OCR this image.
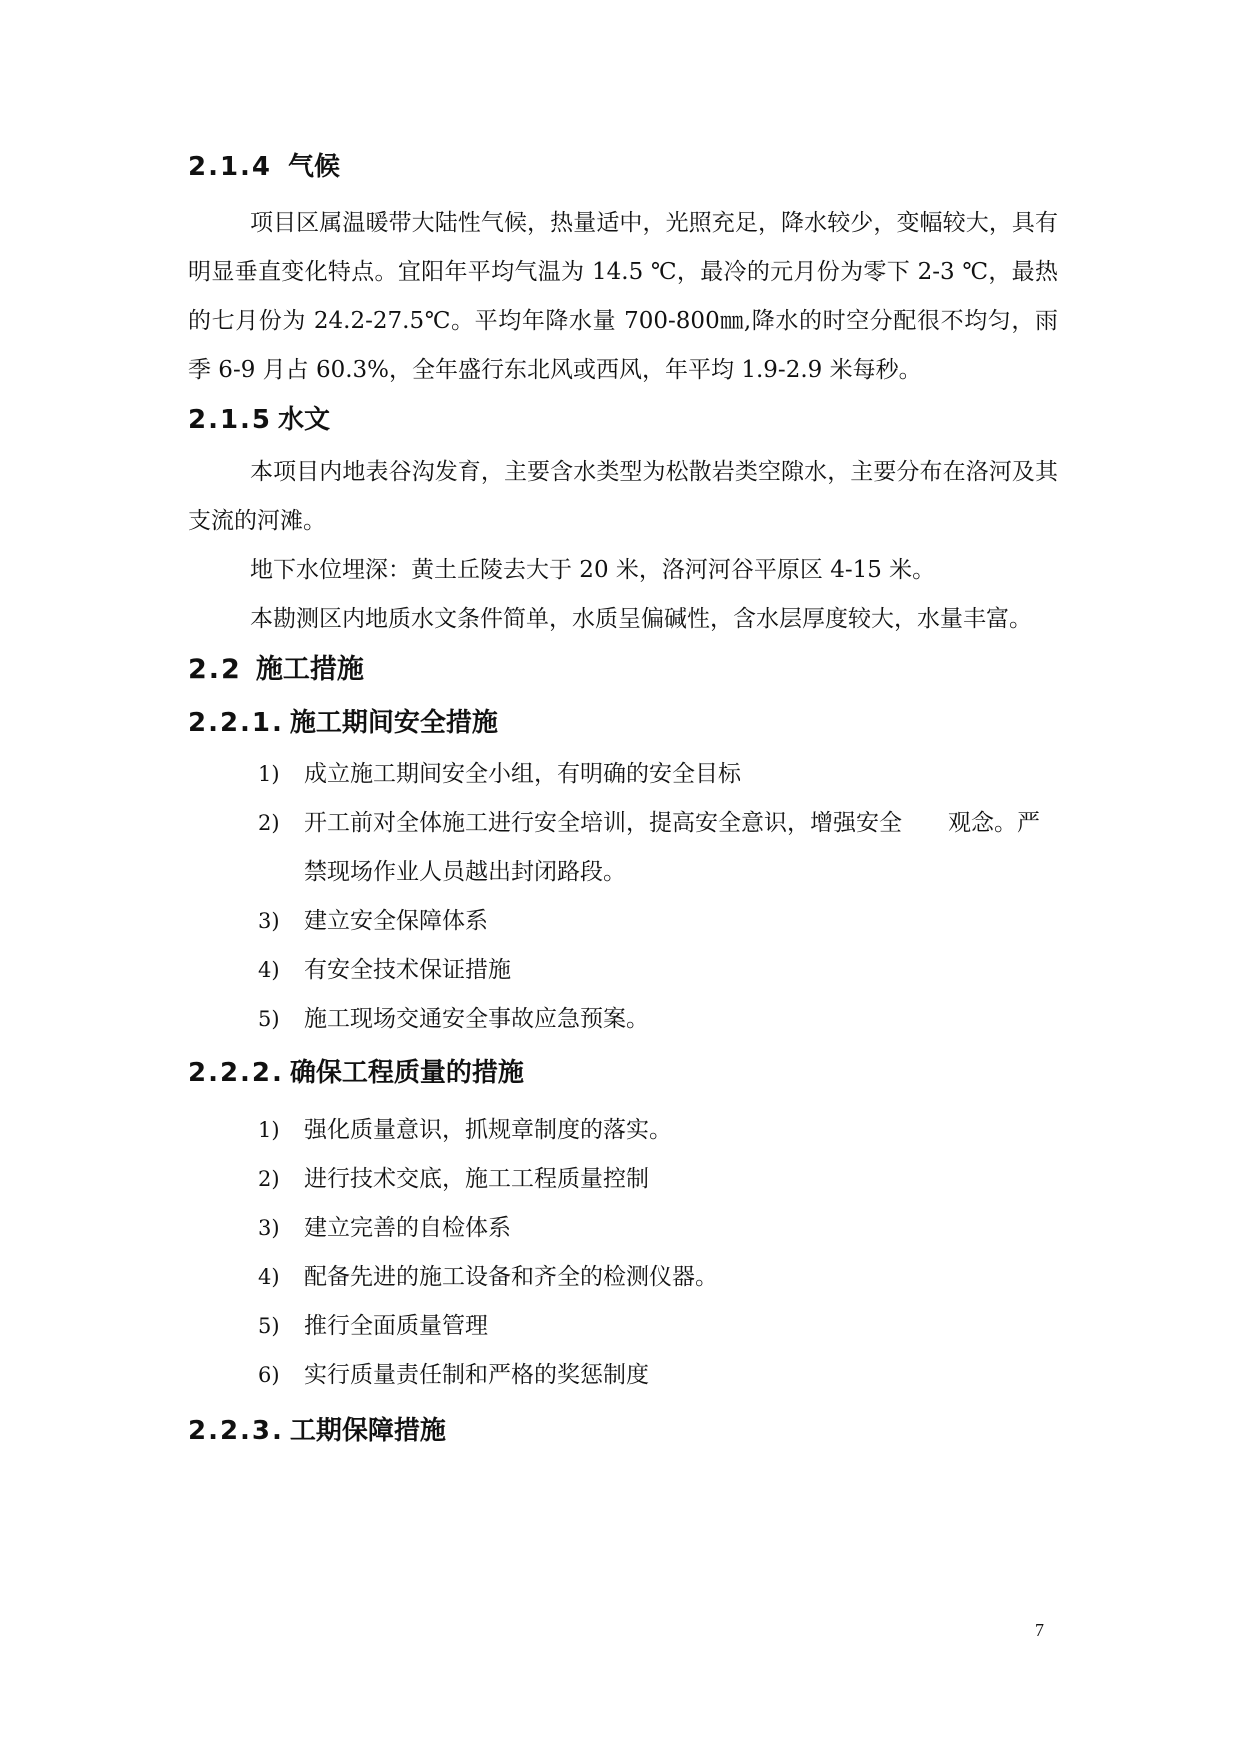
2.1.4 气候

项目区属温暖带大陆性气候，热量适中，光照充足，降水较少，变幅较大，具有明显垂直变化特点。宜阳年平均气温为 14.5 ℃，最冷的元月份为零下 2-3 ℃，最热的七月份为 24.2-27.5℃。平均年降水量 700-800㎜,降水的时空分配很不均匀，雨季 6-9 月占 60.3%，全年盛行东北风或西风，年平均 1.9-2.9 米每秒。

2.1.5 水文

本项目内地表谷沟发育，主要含水类型为松散岩类空隙水，主要分布在洛河及其支流的河滩。

地下水位埋深：黄土丘陵去大于 20 米，洛河河谷平原区 4-15 米。

本勘测区内地质水文条件简单，水质呈偏碱性，含水层厚度较大，水量丰富。

2.2 施工措施
2.2.1. 施工期间安全措施
1) 成立施工期间安全小组，有明确的安全目标
2) 开工前对全体施工进行安全培训，提高安全意识，增强安全　　观念。严禁现场作业人员越出封闭路段。
3) 建立安全保障体系
4) 有安全技术保证措施
5) 施工现场交通安全事故应急预案。
2.2.2. 确保工程质量的措施
1) 强化质量意识，抓规章制度的落实。
2) 进行技术交底，施工工程质量控制
3) 建立完善的自检体系
4) 配备先进的施工设备和齐全的检测仪器。
5) 推行全面质量管理
6) 实行质量责任制和严格的奖惩制度
2.2.3. 工期保障措施
7
